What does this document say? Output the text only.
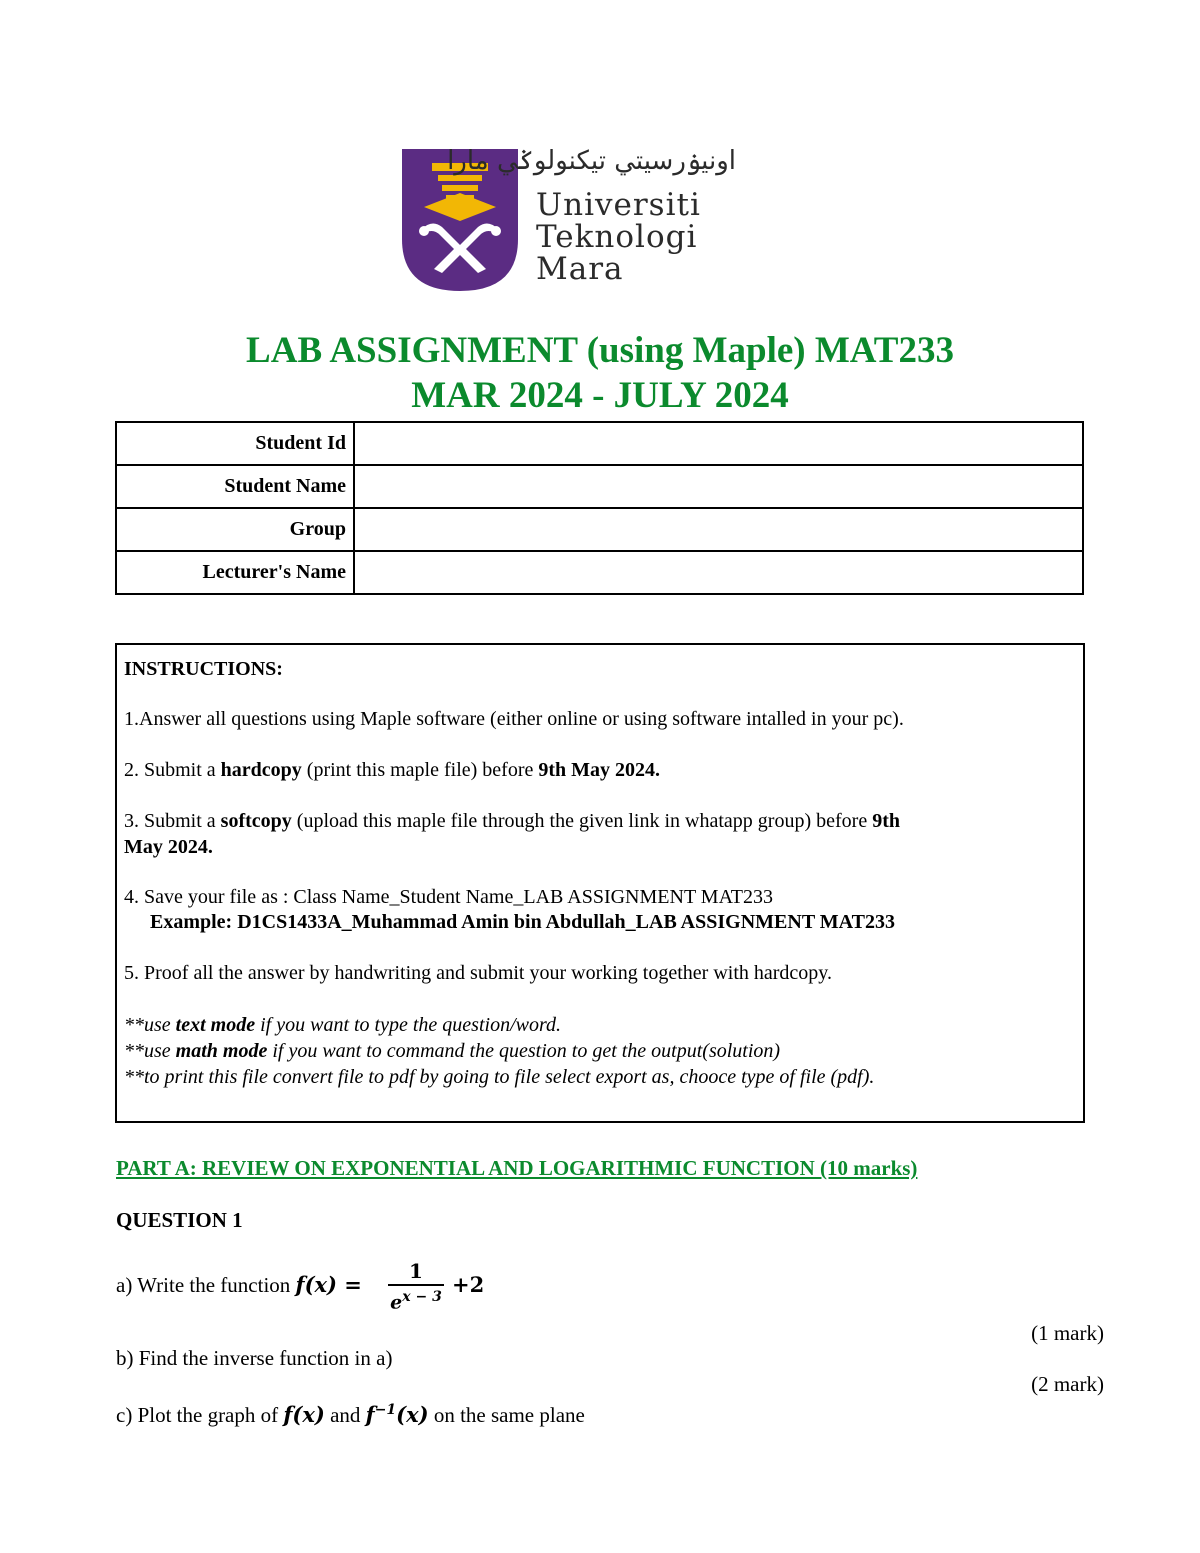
اونيۏرسيتي تيكنولوݢي مارا
Universiti
Teknologi
Mara
LAB ASSIGNMENT (using Maple) MAT233
MAR 2024 - JULY 2024
Student Id	
Student Name	
Group	
Lecturer's Name	
INSTRUCTIONS:
1.Answer all questions using Maple software (either online or using software intalled in your pc).
2. Submit a hardcopy (print this maple file) before 9th May 2024.
3. Submit a softcopy (upload this maple file through the given link in whatapp group) before 9th
May 2024.
4. Save your file as : Class Name_Student Name_LAB ASSIGNMENT MAT233
Example: D1CS1433A_Muhammad Amin bin Abdullah_LAB ASSIGNMENT MAT233
5. Proof all the answer by handwriting and submit your working together with hardcopy.
**use text mode if you want to type the question/word.
**use math mode if you want to command the question to get the output(solution)
**to print this file convert file to pdf by going to file select export as, chooce type of file (pdf).
PART A: REVIEW ON EXPONENTIAL AND LOGARITHMIC FUNCTION (10 marks)
QUESTION 1
a) Write the function $f(x) = \frac{1}{e^{x - 3}} +2$
(1 mark)
b) Find the inverse function in a)
(2 mark)
c) Plot the graph of f(x) and $f^{-1}(x)$ on the same plane
